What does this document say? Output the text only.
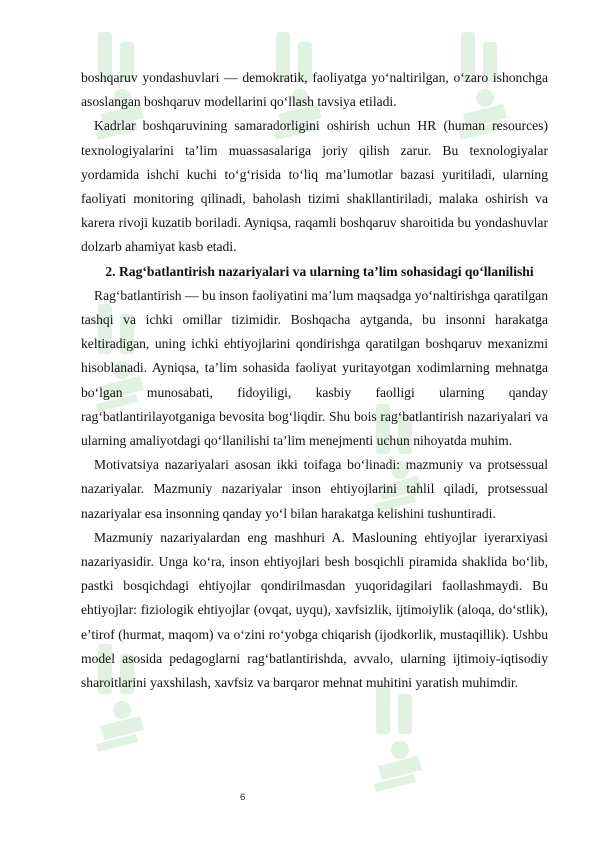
boshqaruv yondashuvlari — demokratik, faoliyatga yo‘naltirilgan, o‘zaro ishonchga asoslangan boshqaruv modellarini qo‘llash tavsiya etiladi.

Kadrlar boshqaruvining samaradorligini oshirish uchun HR (human resources) texnologiyalarini ta’lim muassasalariga joriy qilish zarur. Bu texnologiyalar yordamida ishchi kuchi to‘g‘risida to‘liq ma’lumotlar bazasi yuritiladi, ularning faoliyati monitoring qilinadi, baholash tizimi shakllantiriladi, malaka oshirish va karera rivoji kuzatib boriladi. Ayniqsa, raqamli boshqaruv sharoitida bu yondashuvlar dolzarb ahamiyat kasb etadi.

2. Rag‘batlantirish nazariyalari va ularning ta’lim sohasidagi qo‘llanilishi

Rag‘batlantirish — bu inson faoliyatini ma’lum maqsadga yo‘naltirishga qaratilgan tashqi va ichki omillar tizimidir. Boshqacha aytganda, bu insonni harakatga keltiradigan, uning ichki ehtiyojlarini qondirishga qaratilgan boshqaruv mexanizmi hisoblanadi. Ayniqsa, ta’lim sohasida faoliyat yuritayotgan xodimlarning mehnatga bo‘lgan munosabati, fidoyiligi, kasbiy faolligi ularning qanday rag‘batlantirilayotganiga bevosita bog‘liqdir. Shu bois rag‘batlantirish nazariyalari va ularning amaliyotdagi qo‘llanilishi ta’lim menejmenti uchun nihoyatda muhim.

Motivatsiya nazariyalari asosan ikki toifaga bo‘linadi: mazmuniy va protsessual nazariyalar. Mazmuniy nazariyalar inson ehtiyojlarini tahlil qiladi, protsessual nazariyalar esa insonning qanday yo‘l bilan harakatga kelishini tushuntiradi.

Mazmuniy nazariyalardan eng mashhuri A. Maslouning ehtiyojlar iyerarxiyasi nazariyasidir. Unga ko‘ra, inson ehtiyojlari besh bosqichli piramida shaklida bo‘lib, pastki bosqichdagi ehtiyojlar qondirilmasdan yuqoridagilari faollashmaydi. Bu ehtiyojlar: fiziologik ehtiyojlar (ovqat, uyqu), xavfsizlik, ijtimoiylik (aloqa, do‘stlik), e’tirof (hurmat, maqom) va o‘zini ro‘yobga chiqarish (ijodkorlik, mustaqillik). Ushbu model asosida pedagoglarni rag‘batlantirishda, avvalo, ularning ijtimoiy-iqtisodiy sharoitlarini yaxshilash, xavfsiz va barqaror mehnat muhitini yaratish muhimdir.

6
